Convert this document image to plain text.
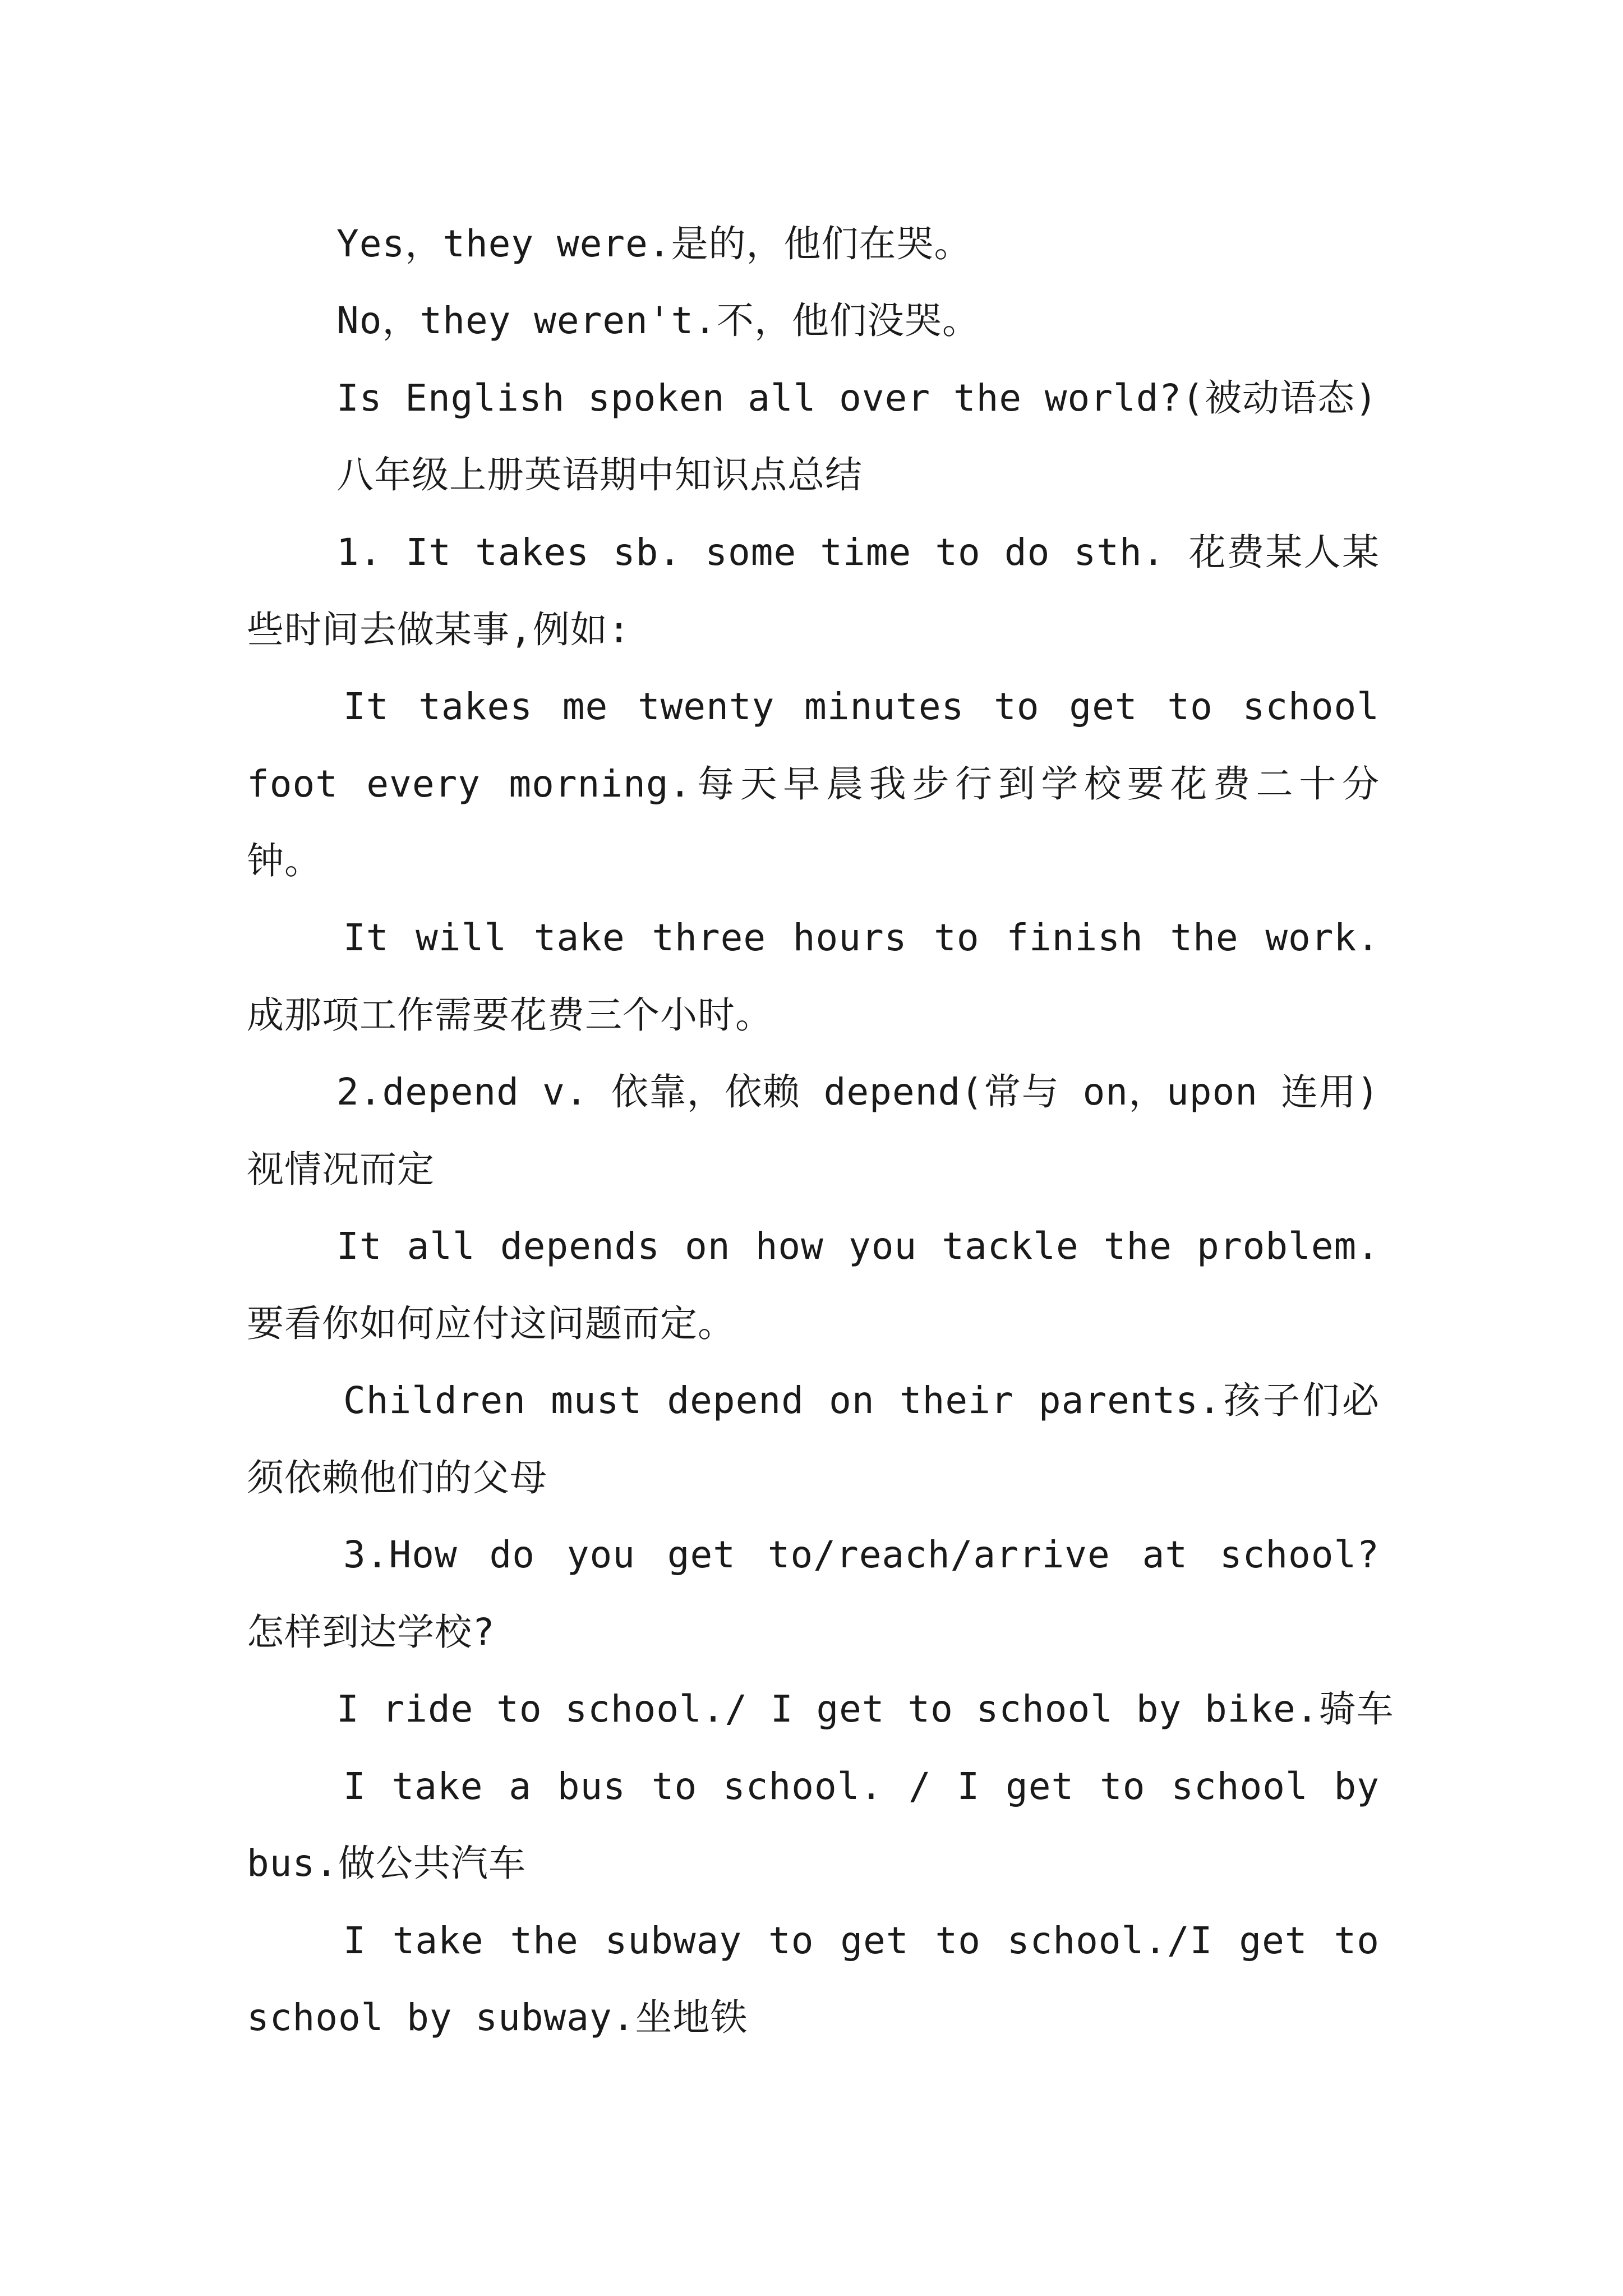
Yes，they were.是的，他们在哭。
No，they weren't.不，他们没哭。
Is English spoken all over the world?(被动语态)
八年级上册英语期中知识点总结
1. It takes sb. some time to do sth. 花费某人某
些时间去做某事,例如:
It takes me twenty minutes to get to school
foot every morning.每天早晨我步行到学校要花费二十分
钟。
It will take three hours to finish the work.
成那项工作需要花费三个小时。
2.depend v. 依靠，依赖 depend(常与 on，upon 连用)
视情况而定
It all depends on how you tackle the problem.
要看你如何应付这问题而定。
Children must depend on their parents.孩子们必
须依赖他们的父母
3.How do you get to/reach/arrive at school?
怎样到达学校?
I ride to school./ I get to school by bike.骑车
I take a bus to school. / I get to school by
bus.做公共汽车
I take the subway to get to school./I get to
school by subway.坐地铁
